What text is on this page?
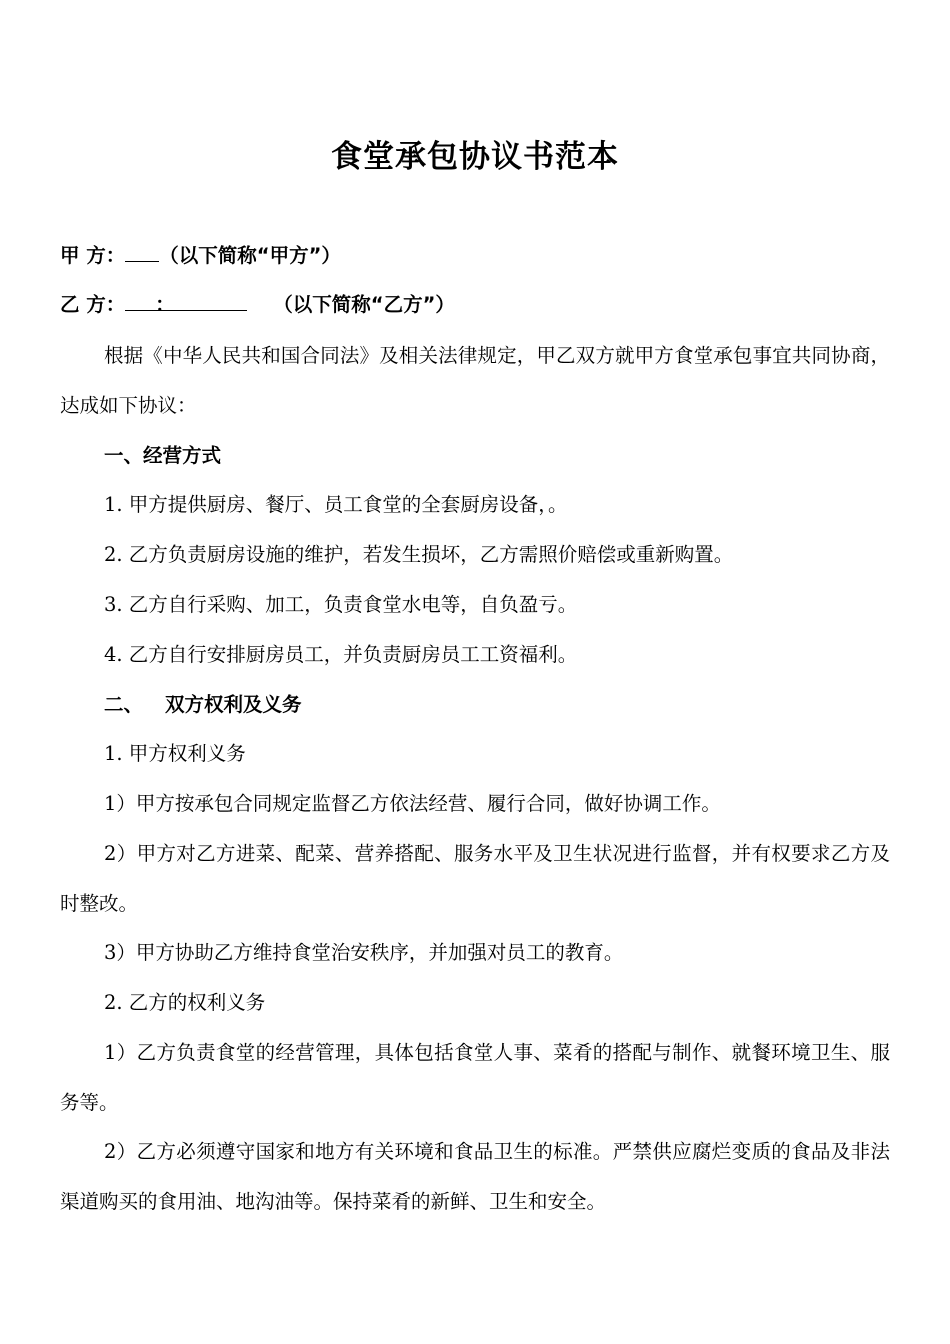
食堂承包协议书范本
甲 方： （以下简称“甲方”）
乙 方： ：	（以下简称“乙方”）

根据《中华人民共和国合同法》及相关法律规定，甲乙双方就甲方食堂承包事宜共同协商，达成如下协议：

一、经营方式
1. 甲方提供厨房、餐厅、员工食堂的全套厨房设备，。
2. 乙方负责厨房设施的维护，若发生损坏，乙方需照价赔偿或重新购置。
3. 乙方自行采购、加工，负责食堂水电等，自负盈亏。
4. 乙方自行安排厨房员工，并负责厨房员工工资福利。
二、 双方权利及义务
1. 甲方权利义务
1）甲方按承包合同规定监督乙方依法经营、履行合同，做好协调工作。

2）甲方对乙方进菜、配菜、营养搭配、服务水平及卫生状况进行监督，并有权要求乙方及时整改。

3）甲方协助乙方维持食堂治安秩序，并加强对员工的教育。
2. 乙方的权利义务

1）乙方负责食堂的经营管理，具体包括食堂人事、菜肴的搭配与制作、就餐环境卫生、服务等。

2）乙方必须遵守国家和地方有关环境和食品卫生的标准。严禁供应腐烂变质的食品及非法渠道购买的食用油、地沟油等。保持菜肴的新鲜、卫生和安全。
